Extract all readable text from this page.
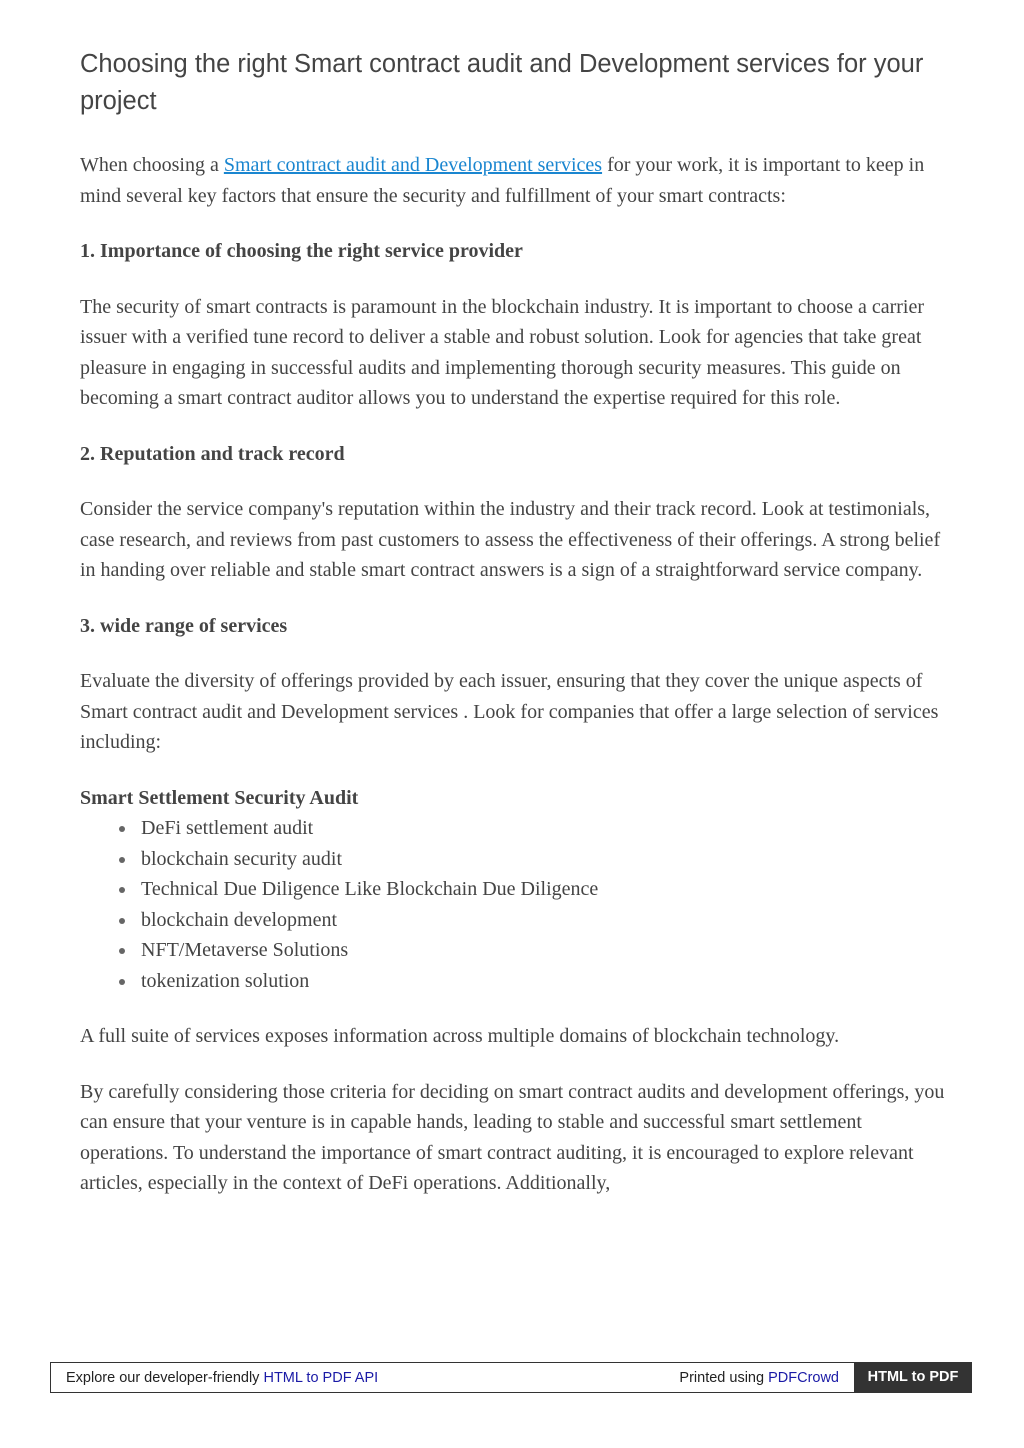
Choosing the right Smart contract audit and Development services for your project

When choosing a Smart contract audit and Development services for your work, it is important to keep in mind several key factors that ensure the security and fulfillment of your smart contracts:

1. Importance of choosing the right service provider

The security of smart contracts is paramount in the blockchain industry. It is important to choose a carrier issuer with a verified tune record to deliver a stable and robust solution. Look for agencies that take great pleasure in engaging in successful audits and implementing thorough security measures. This guide on becoming a smart contract auditor allows you to understand the expertise required for this role.

2. Reputation and track record

Consider the service company's reputation within the industry and their track record. Look at testimonials, case research, and reviews from past customers to assess the effectiveness of their offerings. A strong belief in handing over reliable and stable smart contract answers is a sign of a straightforward service company.

3. wide range of services

Evaluate the diversity of offerings provided by each issuer, ensuring that they cover the unique aspects of Smart contract audit and Development services . Look for companies that offer a large selection of services including:

Smart Settlement Security Audit
DeFi settlement audit
blockchain security audit
Technical Due Diligence Like Blockchain Due Diligence
blockchain development
NFT/Metaverse Solutions
tokenization solution

A full suite of services exposes information across multiple domains of blockchain technology.

By carefully considering those criteria for deciding on smart contract audits and development offerings, you can ensure that your venture is in capable hands, leading to stable and successful smart settlement operations. To understand the importance of smart contract auditing, it is encouraged to explore relevant articles, especially in the context of DeFi operations. Additionally,

Explore our developer-friendly HTML to PDF API	Printed using PDFCrowd	HTML to PDF
